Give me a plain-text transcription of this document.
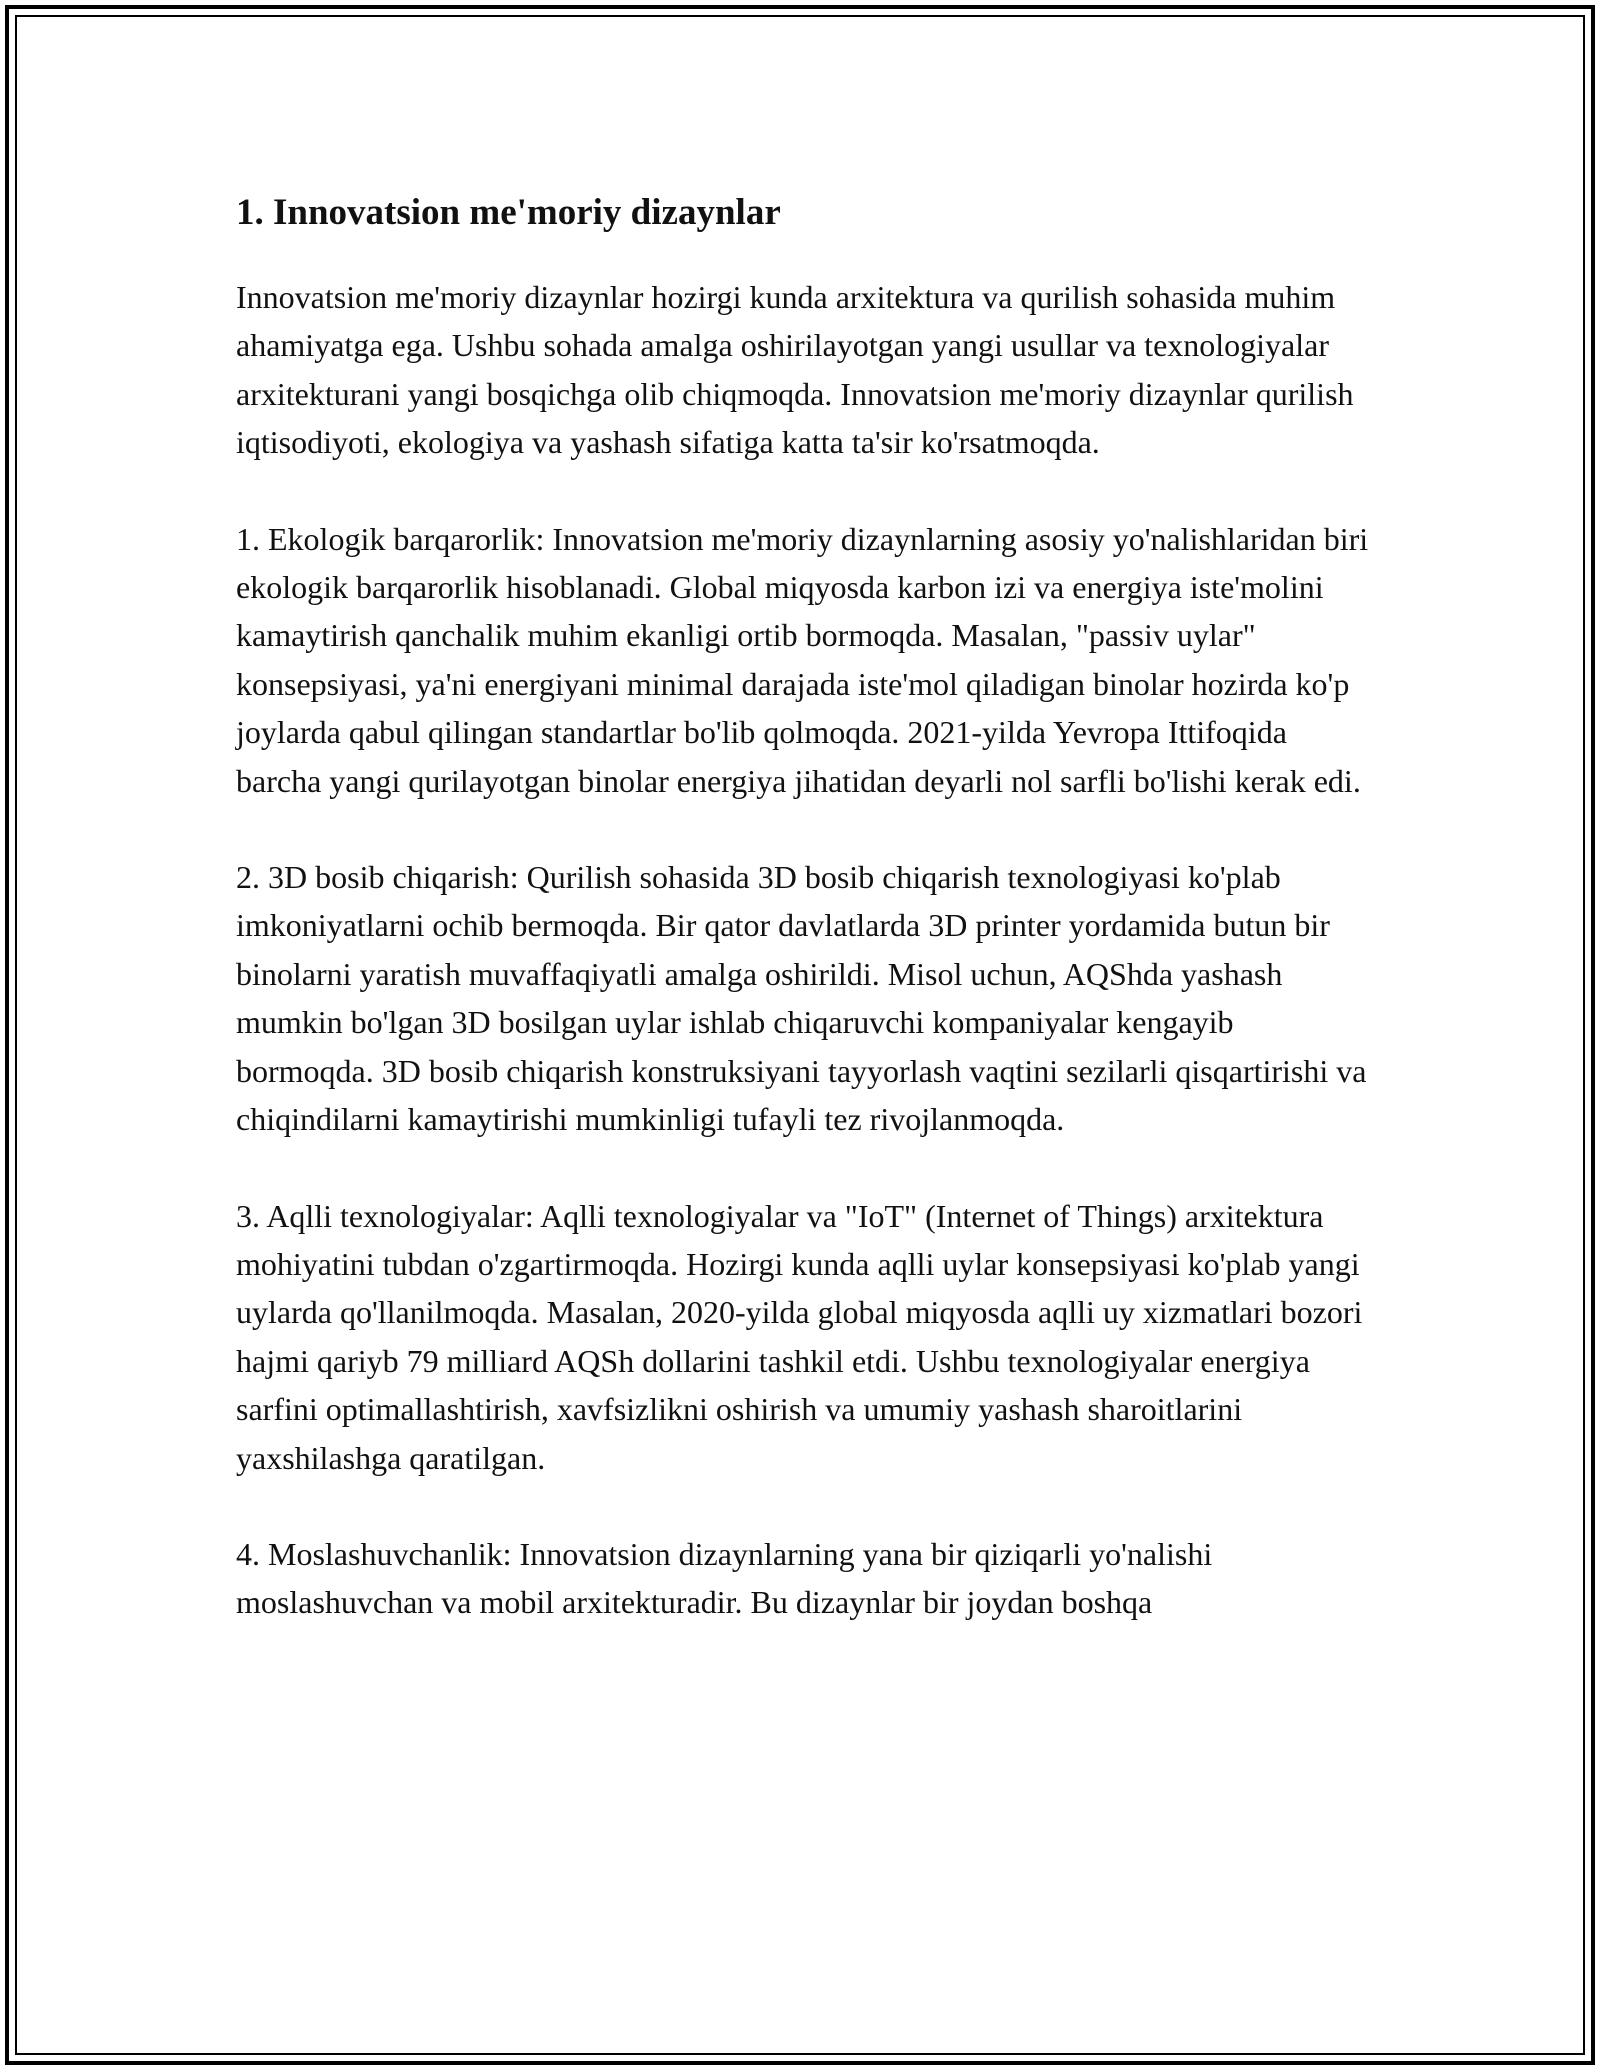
1. Innovatsion me'moriy dizaynlar

Innovatsion me'moriy dizaynlar hozirgi kunda arxitektura va qurilish sohasida muhim ahamiyatga ega. Ushbu sohada amalga oshirilayotgan yangi usullar va texnologiyalar arxitekturani yangi bosqichga olib chiqmoqda. Innovatsion me'moriy dizaynlar qurilish iqtisodiyoti, ekologiya va yashash sifatiga katta ta'sir ko'rsatmoqda.

1. Ekologik barqarorlik: Innovatsion me'moriy dizaynlarning asosiy yo'nalishlaridan biri ekologik barqarorlik hisoblanadi. Global miqyosda karbon izi va energiya iste'molini kamaytirish qanchalik muhim ekanligi ortib bormoqda. Masalan, "passiv uylar" konsepsiyasi, ya'ni energiyani minimal darajada iste'mol qiladigan binolar hozirda ko'p joylarda qabul qilingan standartlar bo'lib qolmoqda. 2021-yilda Yevropa Ittifoqida barcha yangi qurilayotgan binolar energiya jihatidan deyarli nol sarfli bo'lishi kerak edi.

2. 3D bosib chiqarish: Qurilish sohasida 3D bosib chiqarish texnologiyasi ko'plab imkoniyatlarni ochib bermoqda. Bir qator davlatlarda 3D printer yordamida butun bir binolarni yaratish muvaffaqiyatli amalga oshirildi. Misol uchun, AQShda yashash mumkin bo'lgan 3D bosilgan uylar ishlab chiqaruvchi kompaniyalar kengayib bormoqda. 3D bosib chiqarish konstruksiyani tayyorlash vaqtini sezilarli qisqartirishi va chiqindilarni kamaytirishi mumkinligi tufayli tez rivojlanmoqda.

3. Aqlli texnologiyalar: Aqlli texnologiyalar va "IoT" (Internet of Things) arxitektura mohiyatini tubdan o'zgartirmoqda. Hozirgi kunda aqlli uylar konsepsiyasi ko'plab yangi uylarda qo'llanilmoqda. Masalan, 2020-yilda global miqyosda aqlli uy xizmatlari bozori hajmi qariyb 79 milliard AQSh dollarini tashkil etdi. Ushbu texnologiyalar energiya sarfini optimallashtirish, xavfsizlikni oshirish va umumiy yashash sharoitlarini yaxshilashga qaratilgan.

4. Moslashuvchanlik: Innovatsion dizaynlarning yana bir qiziqarli yo'nalishi moslashuvchan va mobil arxitekturadir. Bu dizaynlar bir joydan boshqa
